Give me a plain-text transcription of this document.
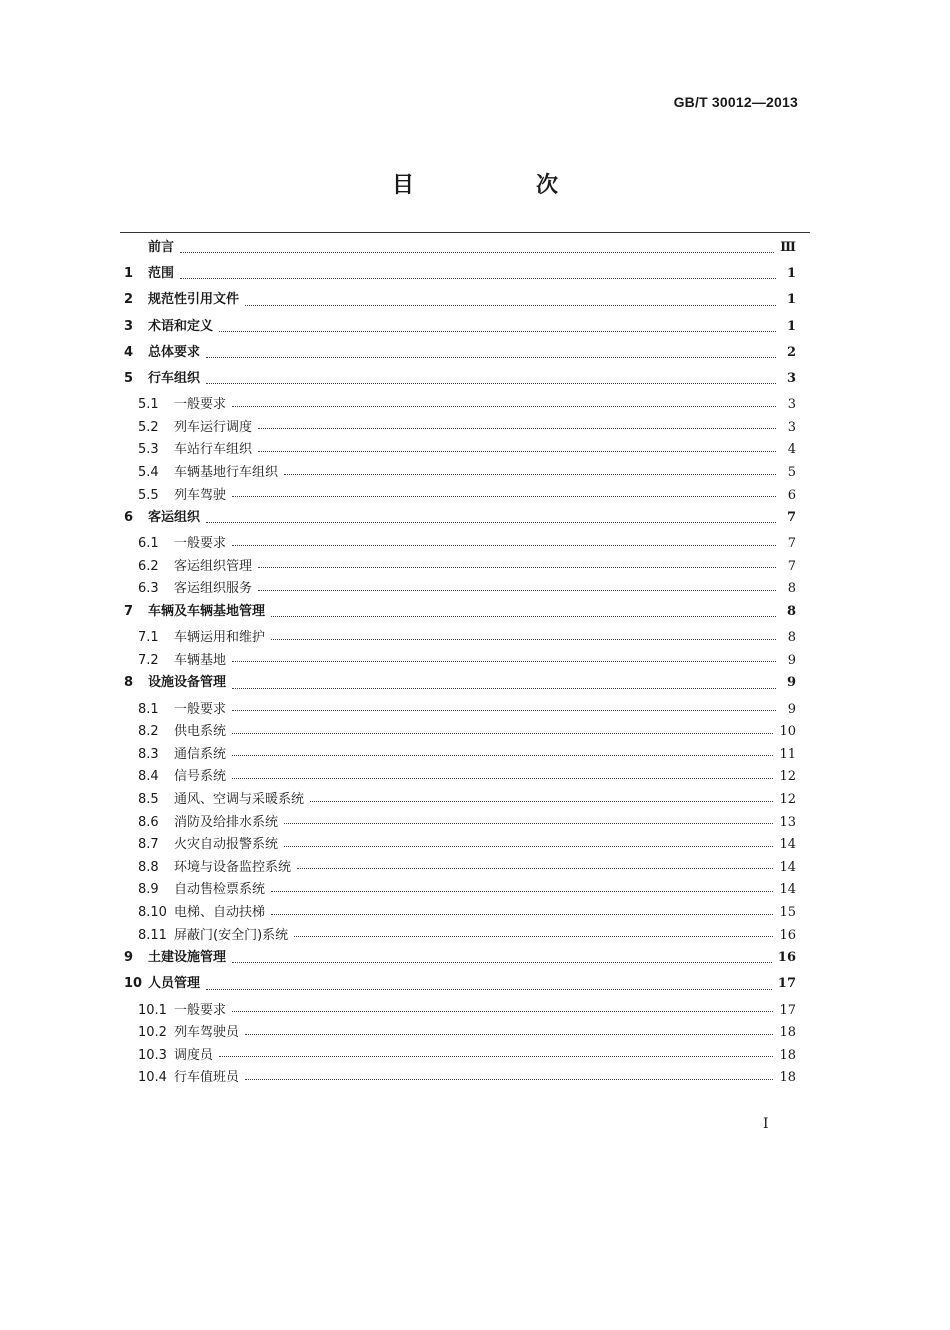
GB/T 30012—2013
目　次
前言	Ⅲ
1	范围	1
2	规范性引用文件	1
3	术语和定义	1
4	总体要求	2
5	行车组织	3
5.1	一般要求	3
5.2	列车运行调度	3
5.3	车站行车组织	4
5.4	车辆基地行车组织	5
5.5	列车驾驶	6
6	客运组织	7
6.1	一般要求	7
6.2	客运组织管理	7
6.3	客运组织服务	8
7	车辆及车辆基地管理	8
7.1	车辆运用和维护	8
7.2	车辆基地	9
8	设施设备管理	9
8.1	一般要求	9
8.2	供电系统	10
8.3	通信系统	11
8.4	信号系统	12
8.5	通风、空调与采暖系统	12
8.6	消防及给排水系统	13
8.7	火灾自动报警系统	14
8.8	环境与设备监控系统	14
8.9	自动售检票系统	14
8.10 电梯、自动扶梯	15
8.11 屏蔽门(安全门)系统	16
9	土建设施管理	16
10 人员管理	17
10.1 一般要求	17
10.2 列车驾驶员	18
10.3 调度员	18
10.4 行车值班员	18
I
